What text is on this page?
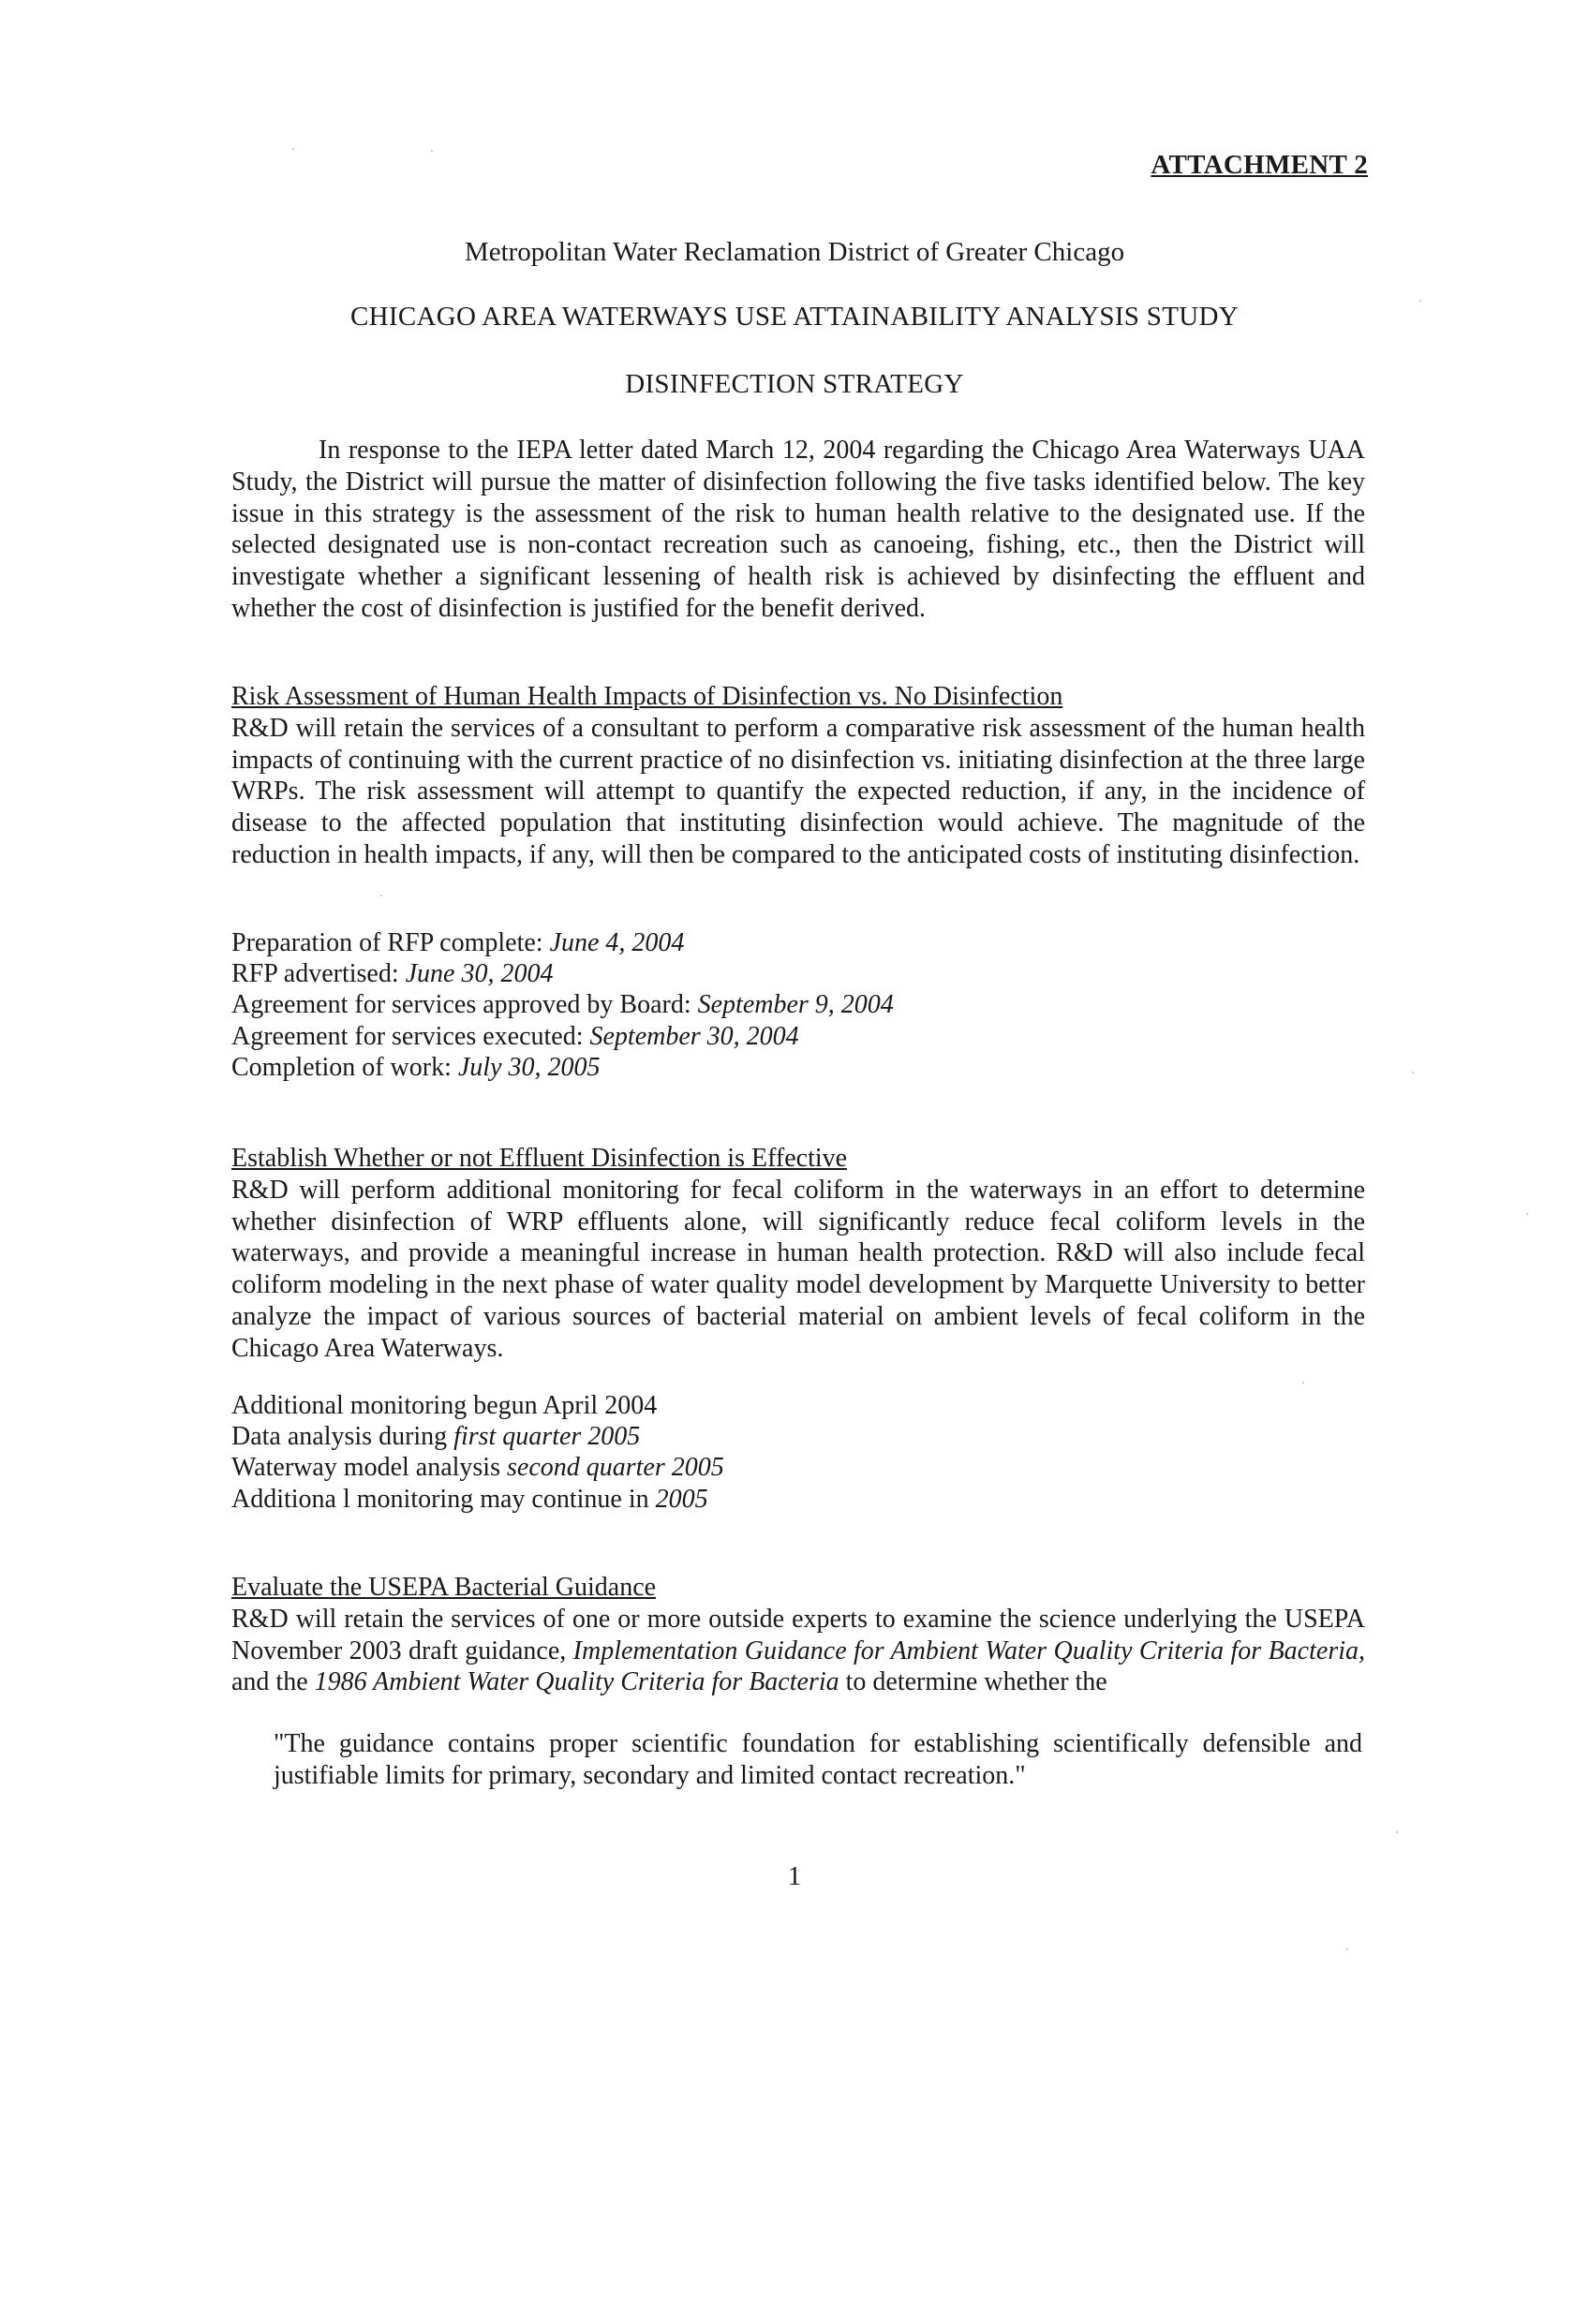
ATTACHMENT 2
Metropolitan Water Reclamation District of Greater Chicago
CHICAGO AREA WATERWAYS USE ATTAINABILITY ANALYSIS STUDY
DISINFECTION STRATEGY
In response to the IEPA letter dated March 12, 2004 regarding the Chicago Area Waterways UAA Study, the District will pursue the matter of disinfection following the five tasks identified below. The key issue in this strategy is the assessment of the risk to human health relative to the designated use. If the selected designated use is non-contact recreation such as canoeing, fishing, etc., then the District will investigate whether a significant lessening of health risk is achieved by disinfecting the effluent and whether the cost of disinfection is justified for the benefit derived.
Risk Assessment of Human Health Impacts of Disinfection vs. No Disinfection
R&D will retain the services of a consultant to perform a comparative risk assessment of the human health impacts of continuing with the current practice of no disinfection vs. initiating disinfection at the three large WRPs. The risk assessment will attempt to quantify the expected reduction, if any, in the incidence of disease to the affected population that instituting disinfection would achieve. The magnitude of the reduction in health impacts, if any, will then be compared to the anticipated costs of instituting disinfection.
Preparation of RFP complete: June 4, 2004
RFP advertised: June 30, 2004
Agreement for services approved by Board: September 9, 2004
Agreement for services executed: September 30, 2004
Completion of work: July 30, 2005
Establish Whether or not Effluent Disinfection is Effective
R&D will perform additional monitoring for fecal coliform in the waterways in an effort to determine whether disinfection of WRP effluents alone, will significantly reduce fecal coliform levels in the waterways, and provide a meaningful increase in human health protection. R&D will also include fecal coliform modeling in the next phase of water quality model development by Marquette University to better analyze the impact of various sources of bacterial material on ambient levels of fecal coliform in the Chicago Area Waterways.
Additional monitoring begun April 2004
Data analysis during first quarter 2005
Waterway model analysis second quarter 2005
Additiona l monitoring may continue in 2005
Evaluate the USEPA Bacterial Guidance
R&D will retain the services of one or more outside experts to examine the science underlying the USEPA November 2003 draft guidance, Implementation Guidance for Ambient Water Quality Criteria for Bacteria, and the 1986 Ambient Water Quality Criteria for Bacteria to determine whether the
"The guidance contains proper scientific foundation for establishing scientifically defensible and justifiable limits for primary, secondary and limited contact recreation."
1
